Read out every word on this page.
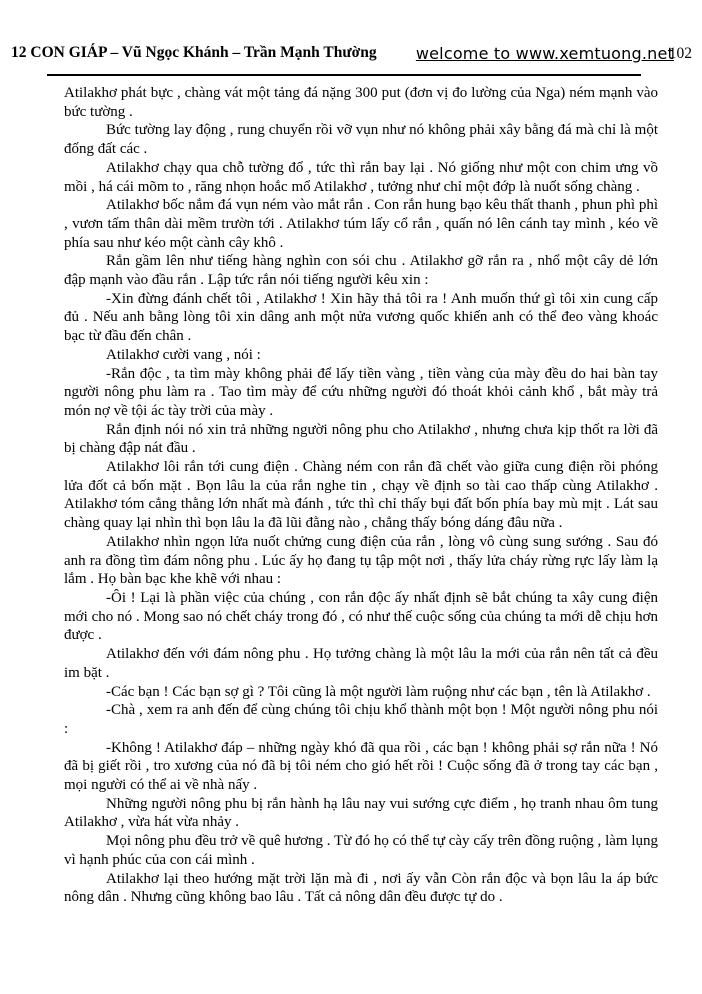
12 CON GIÁP – Vũ Ngọc Khánh – Trần Mạnh Thường welcome to www.xemtuong.net
102

Atilakhơ phát bực , chàng vát một tảng đá nặng 300 put (đơn vị đo lường của Nga) ném mạnh vào bức tường .

Bức tường lay động , rung chuyển rồi vỡ vụn như nó không phải xây bằng đá mà chỉ là một đống đất các .

Atilakhơ chạy qua chỗ tường đổ , tức thì rắn bay lại . Nó giống như một con chim ưng vồ mồi , há cái mõm to , răng nhọn hoắc mổ Atilakhơ , tưởng như chỉ một đớp là nuốt sống chàng .

Atilakhơ bốc nắm đá vụn ném vào mắt rắn . Con rắn hung bạo kêu thất thanh , phun phì phì , vươn tấm thân dài mềm trườn tới . Atilakhơ túm lấy cổ rắn , quấn nó lên cánh tay mình , kéo về phía sau như kéo một cành cây khô .

Rắn gầm lên như tiếng hàng nghìn con sói chu . Atilakhơ gỡ rắn ra , nhổ một cây dẻ lớn đập mạnh vào đầu rắn . Lập tức rắn nói tiếng người kêu xin :

-Xin đừng đánh chết tôi , Atilakhơ ! Xin hãy thả tôi ra ! Anh muốn thứ gì tôi xin cung cấp đủ . Nếu anh bằng lòng tôi xin dâng anh một nửa vương quốc khiến anh có thể đeo vàng khoác bạc từ đầu đến chân .

Atilakhơ cười vang , nói :

-Rắn độc , ta tìm mày không phải để lấy tiền vàng , tiền vàng của mày đều do hai bàn tay người nông phu làm ra . Tao tìm mày để cứu những người đó thoát khỏi cảnh khổ , bắt mày trả món nợ về tội ác tày trời của mày .

Rắn định nói nó xin trả những người nông phu cho Atilakhơ , nhưng chưa kịp thốt ra lời đã bị chàng đập nát đầu .

Atilakhơ lôi rắn tới cung điện . Chàng ném con rắn đã chết vào giữa cung điện rồi phóng lửa đốt cả bốn mặt . Bọn lâu la của rắn nghe tin , chạy về định so tài cao thấp cùng Atilakhơ . Atilakhơ tóm cẳng thằng lớn nhất mà đánh , tức thì chỉ thấy bụi đất bốn phía bay mù mịt . Lát sau chàng quay lại nhìn thì bọn lâu la đã lũi đằng nào , chẳng thấy bóng dáng đâu nữa .

Atilakhơ nhìn ngọn lửa nuốt chửng cung điện của rắn , lòng vô cùng sung sướng . Sau đó anh ra đồng tìm đám nông phu . Lúc ấy họ đang tụ tập một nơi , thấy lửa cháy rừng rực lấy làm lạ lắm . Họ bàn bạc khe khẽ với nhau :

-Ôi ! Lại là phần việc của chúng , con rắn độc ấy nhất định sẽ bắt chúng ta xây cung điện mới cho nó . Mong sao nó chết cháy trong đó , có như thế cuộc sống của chúng ta mới dễ chịu hơn được .

Atilakhơ đến với đám nông phu . Họ tưởng chàng là một lâu la mới của rắn nên tất cả đều im bặt .

-Các bạn ! Các bạn sợ gì ? Tôi cũng là một người làm ruộng như các bạn , tên là Atilakhơ .

-Chà , xem ra anh đến để cùng chúng tôi chịu khổ thành một bọn ! Một người nông phu nói :

-Không ! Atilakhơ đáp – những ngày khó đã qua rồi , các bạn ! không phải sợ rắn nữa ! Nó đã bị giết rồi , tro xương của nó đã bị tôi ném cho gió hết rồi ! Cuộc sống đã ở trong tay các bạn , mọi người có thể ai về nhà nấy .

Những người nông phu bị rắn hành hạ lâu nay vui sướng cực điểm , họ tranh nhau ôm tung Atilakhơ , vừa hát vừa nhảy .

Mọi nông phu đều trở về quê hương . Từ đó họ có thể tự cày cấy trên đồng ruộng , làm lụng vì hạnh phúc của con cái mình .

Atilakhơ lại theo hướng mặt trời lặn mà đi , nơi ấy vẫn Còn rắn độc và bọn lâu la áp bức nông dân . Nhưng cũng không bao lâu . Tất cả nông dân đều được tự do .
